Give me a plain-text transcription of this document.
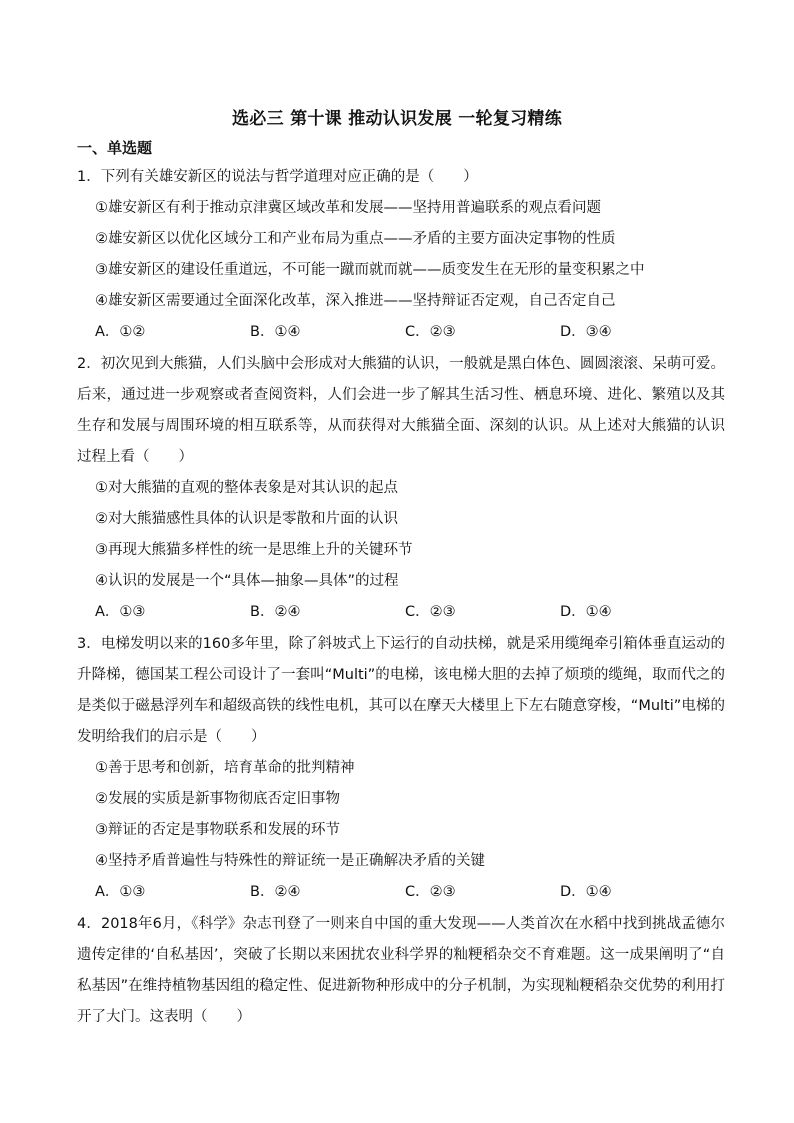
选必三 第十课 推动认识发展 一轮复习精练
一、单选题

1．下列有关雄安新区的说法与哲学道理对应正确的是（　　）

①雄安新区有利于推动京津冀区域改革和发展——坚持用普遍联系的观点看问题

②雄安新区以优化区域分工和产业布局为重点——矛盾的主要方面决定事物的性质

③雄安新区的建设任重道远，不可能一蹴而就而就——质变发生在无形的量变积累之中

④雄安新区需要通过全面深化改革，深入推进——坚持辩证否定观，自己否定自己

A．①②	B．①④	C．②③	D．③④

2．初次见到大熊猫，人们头脑中会形成对大熊猫的认识，一般就是黑白体色、圆圆滚滚、呆萌可爱。后来，通过进一步观察或者查阅资料，人们会进一步了解其生活习性、栖息环境、进化、繁殖以及其生存和发展与周围环境的相互联系等，从而获得对大熊猫全面、深刻的认识。从上述对大熊猫的认识过程上看（　　）

①对大熊猫的直观的整体表象是对其认识的起点

②对大熊猫感性具体的认识是零散和片面的认识

③再现大熊猫多样性的统一是思维上升的关键环节

④认识的发展是一个“具体—抽象—具体”的过程

A．①③	B．②④	C．②③	D．①④

3．电梯发明以来的160多年里，除了斜坡式上下运行的自动扶梯，就是采用缆绳牵引箱体垂直运动的升降梯，德国某工程公司设计了一套叫“Multi”的电梯，该电梯大胆的去掉了烦琐的缆绳，取而代之的是类似于磁悬浮列车和超级高铁的线性电机，其可以在摩天大楼里上下左右随意穿梭，“Multi”电梯的发明给我们的启示是（　　）

①善于思考和创新，培育革命的批判精神

②发展的实质是新事物彻底否定旧事物

③辩证的否定是事物联系和发展的环节

④坚持矛盾普遍性与特殊性的辩证统一是正确解决矛盾的关键

A．①③	B．②④	C．②③	D．①④

4．2018年6月，《科学》杂志刊登了一则来自中国的重大发现——人类首次在水稻中找到挑战孟德尔遗传定律的‘自私基因’，突破了长期以来困扰农业科学界的籼粳稻杂交不育难题。这一成果阐明了“自私基因”在维持植物基因组的稳定性、促进新物种形成中的分子机制，为实现籼粳稻杂交优势的利用打开了大门。这表明（　　）
